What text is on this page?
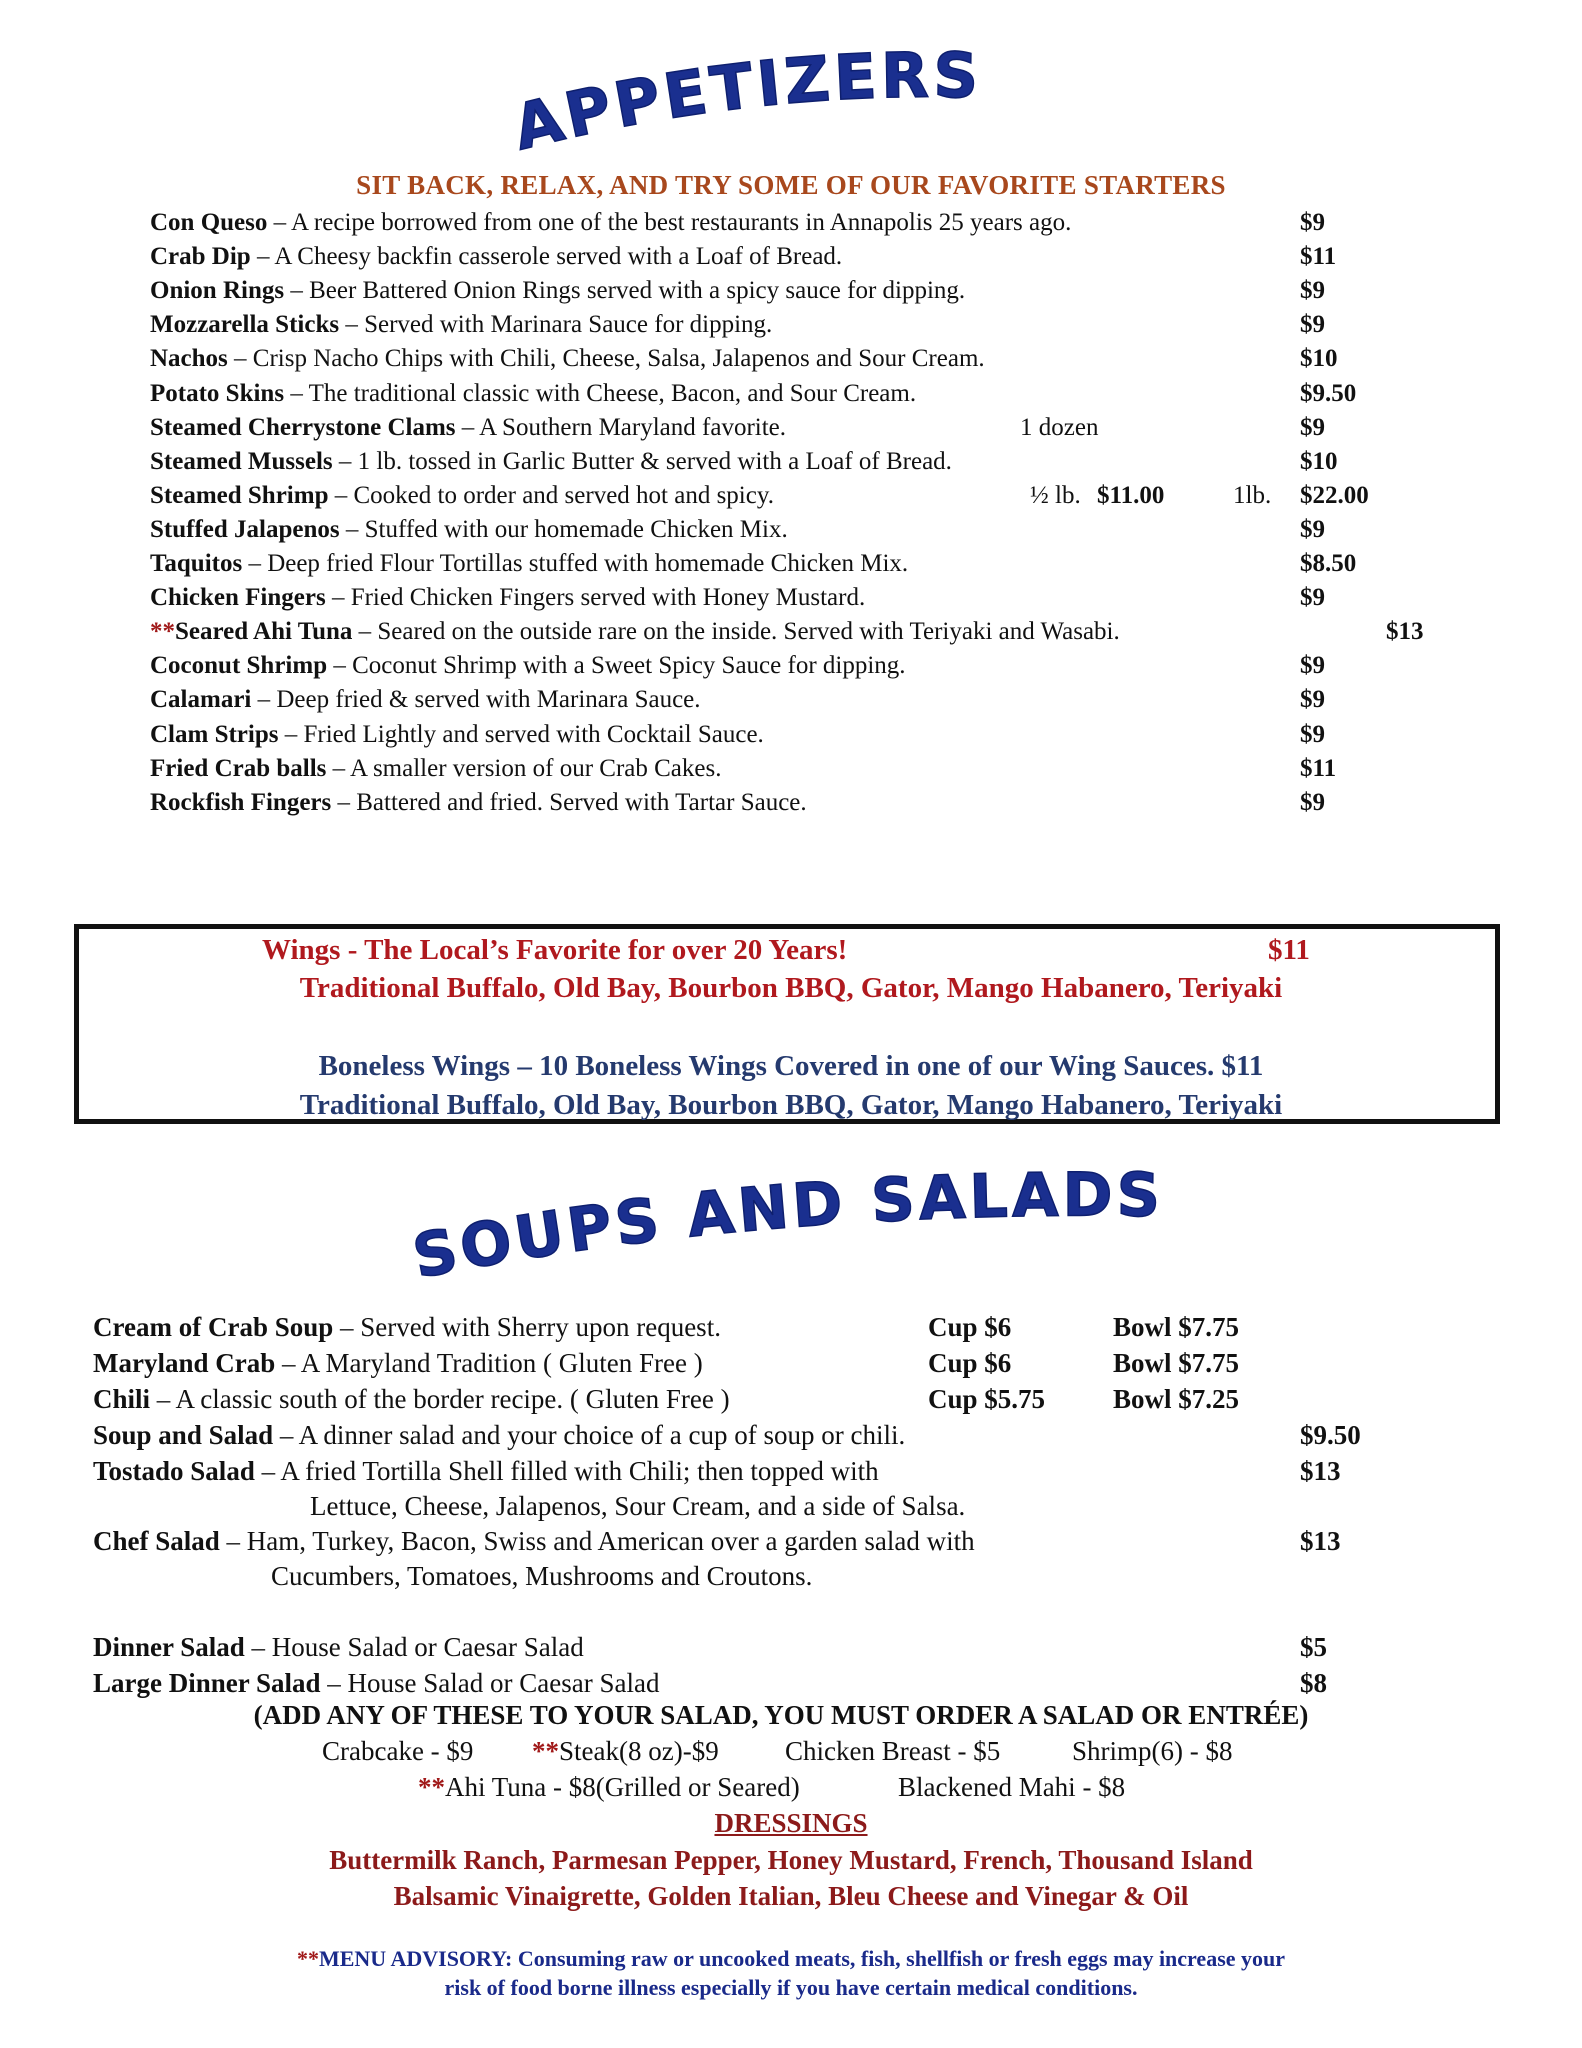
APPETIZERS
SIT BACK, RELAX, AND TRY SOME OF OUR FAVORITE STARTERS
Con Queso – A recipe borrowed from one of the best restaurants in Annapolis 25 years ago.	$9
Crab Dip – A Cheesy backfin casserole served with a Loaf of Bread.	$11
Onion Rings – Beer Battered Onion Rings served with a spicy sauce for dipping.	$9
Mozzarella Sticks – Served with Marinara Sauce for dipping.	$9
Nachos – Crisp Nacho Chips with Chili, Cheese, Salsa, Jalapenos and Sour Cream.	$10
Potato Skins – The traditional classic with Cheese, Bacon, and Sour Cream.	$9.50
Steamed Cherrystone Clams – A Southern Maryland favorite.	1 dozen	$9
Steamed Mussels – 1 lb. tossed in Garlic Butter & served with a Loaf of Bread.	$10
Steamed Shrimp – Cooked to order and served hot and spicy.	½ lb. $11.00	1lb. $22.00
Stuffed Jalapenos – Stuffed with our homemade Chicken Mix.	$9
Taquitos – Deep fried Flour Tortillas stuffed with homemade Chicken Mix.	$8.50
Chicken Fingers – Fried Chicken Fingers served with Honey Mustard.	$9
**Seared Ahi Tuna – Seared on the outside rare on the inside. Served with Teriyaki and Wasabi.	$13
Coconut Shrimp – Coconut Shrimp with a Sweet Spicy Sauce for dipping.	$9
Calamari – Deep fried & served with Marinara Sauce.	$9
Clam Strips – Fried Lightly and served with Cocktail Sauce.	$9
Fried Crab balls – A smaller version of our Crab Cakes.	$11
Rockfish Fingers – Battered and fried. Served with Tartar Sauce.	$9
Wings - The Local’s Favorite for over 20 Years!	$11
Traditional Buffalo, Old Bay, Bourbon BBQ, Gator, Mango Habanero, Teriyaki
Boneless Wings – 10 Boneless Wings Covered in one of our Wing Sauces. $11
Traditional Buffalo, Old Bay, Bourbon BBQ, Gator, Mango Habanero, Teriyaki
SOUPS AND SALADS
Cream of Crab Soup – Served with Sherry upon request.	Cup $6	Bowl $7.75
Maryland Crab – A Maryland Tradition ( Gluten Free )	Cup $6	Bowl $7.75
Chili – A classic south of the border recipe. ( Gluten Free )	Cup $5.75	Bowl $7.25
Soup and Salad – A dinner salad and your choice of a cup of soup or chili.	$9.50
Tostado Salad – A fried Tortilla Shell filled with Chili; then topped with	$13
Lettuce, Cheese, Jalapenos, Sour Cream, and a side of Salsa.
Chef Salad – Ham, Turkey, Bacon, Swiss and American over a garden salad with	$13
Cucumbers, Tomatoes, Mushrooms and Croutons.
Dinner Salad – House Salad or Caesar Salad	$5
Large Dinner Salad – House Salad or Caesar Salad	$8
(ADD ANY OF THESE TO YOUR SALAD, YOU MUST ORDER A SALAD OR ENTRÉE)
Crabcake - $9 **Steak(8 oz)-$9 Chicken Breast - $5	Shrimp(6) - $8
**Ahi Tuna - $8(Grilled or Seared)	Blackened Mahi - $8
DRESSINGS
Buttermilk Ranch, Parmesan Pepper, Honey Mustard, French, Thousand Island
Balsamic Vinaigrette, Golden Italian, Bleu Cheese and Vinegar & Oil
**MENU ADVISORY: Consuming raw or uncooked meats, fish, shellfish or fresh eggs may increase your
risk of food borne illness especially if you have certain medical conditions.
